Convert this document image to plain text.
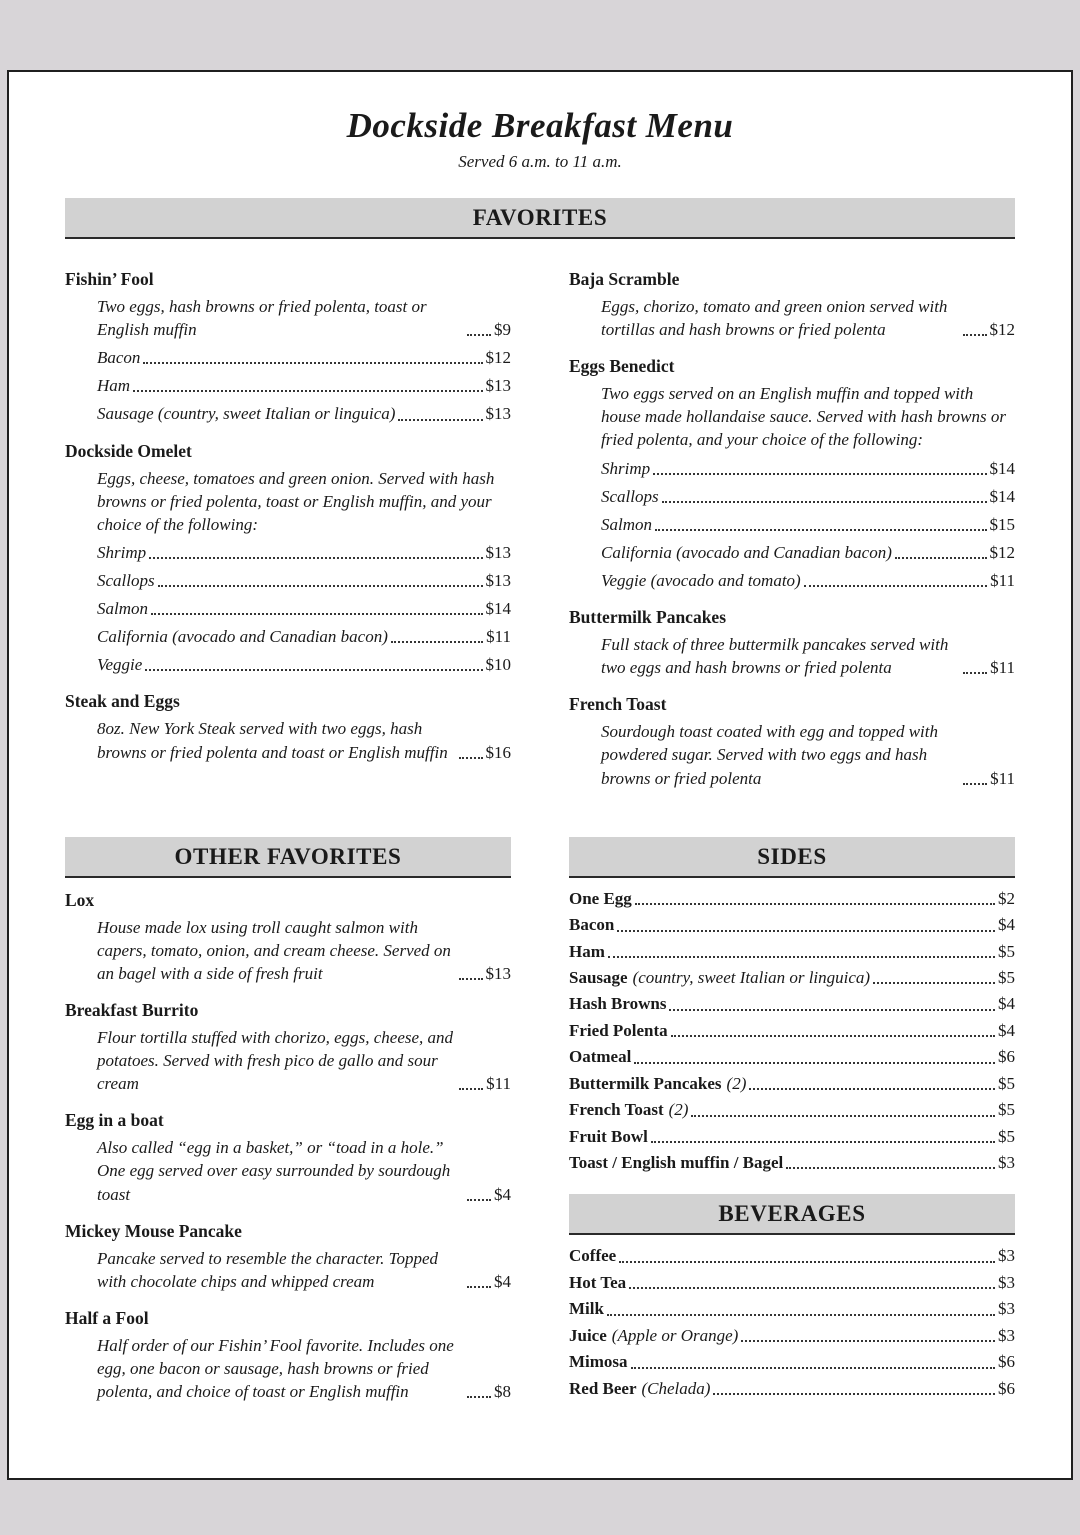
Dockside Breakfast Menu
Served 6 a.m. to 11 a.m.
FAVORITES
Fishin’ Fool
Two eggs, hash browns or fried polenta, toast or English muffin	$9
Bacon	$12
Ham	$13
Sausage (country, sweet Italian or linguica)	$13
Dockside Omelet
Eggs, cheese, tomatoes and green onion. Served with hash browns or fried polenta, toast or English muffin, and your choice of the following:
Shrimp	$13
Scallops	$13
Salmon	$14
California (avocado and Canadian bacon)	$11
Veggie	$10
Steak and Eggs
8oz. New York Steak served with two eggs, hash browns or fried polenta and toast or English muffin	$16
Baja Scramble
Eggs, chorizo, tomato and green onion served with tortillas and hash browns or fried polenta	$12
Eggs Benedict
Two eggs served on an English muffin and topped with house made hollandaise sauce. Served with hash browns or fried polenta, and your choice of the following:
Shrimp	$14
Scallops	$14
Salmon	$15
California (avocado and Canadian bacon)	$12
Veggie (avocado and tomato)	$11
Buttermilk Pancakes
Full stack of three buttermilk pancakes served with two eggs and hash browns or fried polenta	$11
French Toast
Sourdough toast coated with egg and topped with powdered sugar. Served with two eggs and hash browns or fried polenta	$11
OTHER FAVORITES
Lox
House made lox using troll caught salmon with capers, tomato, onion, and cream cheese. Served on an bagel with a side of fresh fruit	$13
Breakfast Burrito
Flour tortilla stuffed with chorizo, eggs, cheese, and potatoes. Served with fresh pico de gallo and sour cream	$11
Egg in a boat
Also called “egg in a basket,” or “toad in a hole.” One egg served over easy surrounded by sourdough toast	$4
Mickey Mouse Pancake
Pancake served to resemble the character. Topped with chocolate chips and whipped cream	$4
Half a Fool
Half order of our Fishin’ Fool favorite. Includes one egg, one bacon or sausage, hash browns or fried polenta, and choice of toast or English muffin	$8
SIDES
One Egg	$2
Bacon	$4
Ham	$5
Sausage (country, sweet Italian or linguica)	$5
Hash Browns	$4
Fried Polenta	$4
Oatmeal	$6
Buttermilk Pancakes (2)	$5
French Toast (2)	$5
Fruit Bowl	$5
Toast / English muffin / Bagel	$3
BEVERAGES
Coffee	$3
Hot Tea	$3
Milk	$3
Juice (Apple or Orange)	$3
Mimosa	$6
Red Beer (Chelada)	$6
